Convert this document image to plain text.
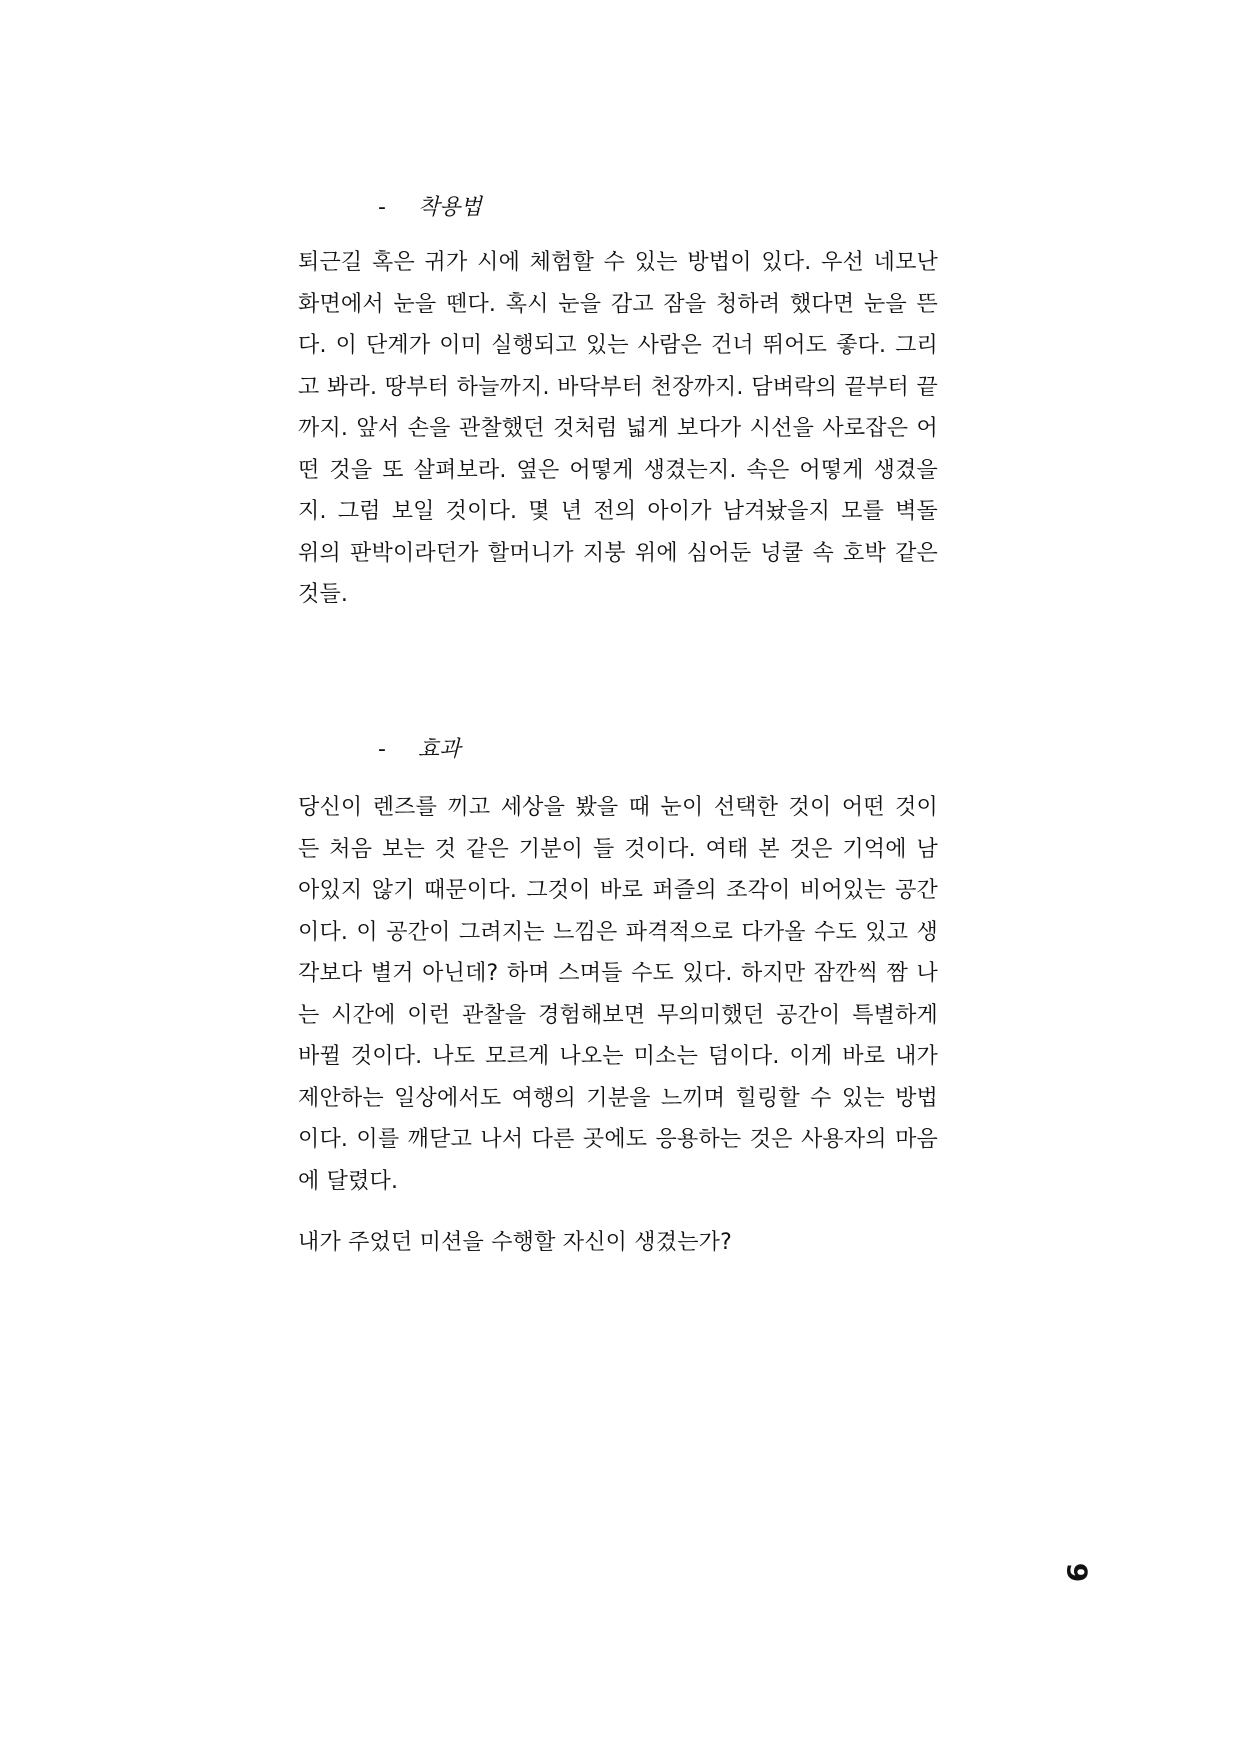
- 착용법

퇴근길 혹은 귀가 시에 체험할 수 있는 방법이 있다. 우선 네모난
화면에서 눈을 뗀다. 혹시 눈을 감고 잠을 청하려 했다면 눈을 뜬
다. 이 단계가 이미 실행되고 있는 사람은 건너 뛰어도 좋다. 그리
고 봐라. 땅부터 하늘까지. 바닥부터 천장까지. 담벼락의 끝부터 끝
까지. 앞서 손을 관찰했던 것처럼 넓게 보다가 시선을 사로잡은 어
떤 것을 또 살펴보라. 옆은 어떻게 생겼는지. 속은 어떻게 생겼을
지. 그럼 보일 것이다. 몇 년 전의 아이가 남겨놨을지 모를 벽돌
위의 판박이라던가 할머니가 지붕 위에 심어둔 넝쿨 속 호박 같은
것들.

- 효과

당신이 렌즈를 끼고 세상을 봤을 때 눈이 선택한 것이 어떤 것이
든 처음 보는 것 같은 기분이 들 것이다. 여태 본 것은 기억에 남
아있지 않기 때문이다. 그것이 바로 퍼즐의 조각이 비어있는 공간
이다. 이 공간이 그려지는 느낌은 파격적으로 다가올 수도 있고 생
각보다 별거 아닌데? 하며 스며들 수도 있다. 하지만 잠깐씩 짬 나
는 시간에 이런 관찰을 경험해보면 무의미했던 공간이 특별하게
바뀔 것이다. 나도 모르게 나오는 미소는 덤이다. 이게 바로 내가
제안하는 일상에서도 여행의 기분을 느끼며 힐링할 수 있는 방법
이다. 이를 깨닫고 나서 다른 곳에도 응용하는 것은 사용자의 마음
에 달렸다.

내가 주었던 미션을 수행할 자신이 생겼는가?

9
